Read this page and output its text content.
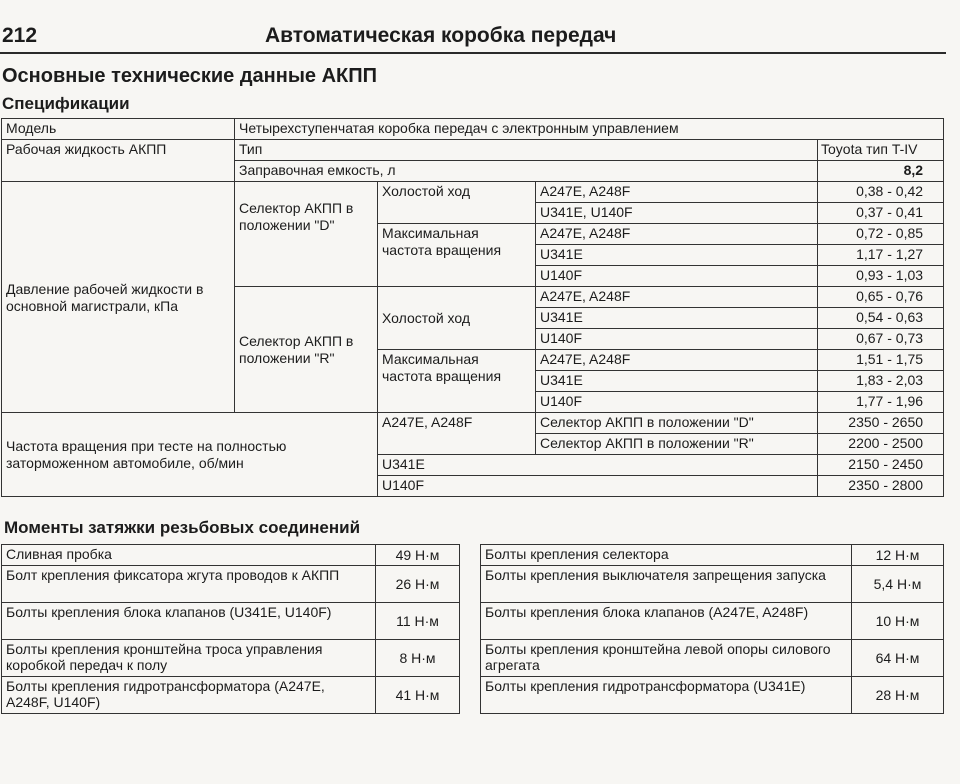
212	Автоматическая коробка передач
Основные технические данные АКПП
Спецификации
Модель	Четырехступенчатая коробка передач с электронным управлением			
Рабочая жидкость АКПП	Тип			Toyota тип T-IV
	Заправочная емкость, л			8,2
Давление рабочей жидкости в основной магистрали, кПа	Селектор АКПП в положении "D"	Холостой ход	A247E, A248F	0,38 - 0,42
			U341E, U140F	0,37 - 0,41
		Максимальная частота вращения	A247E, A248F	0,72 - 0,85
			U341E	1,17 - 1,27
			U140F	0,93 - 1,03
	Селектор АКПП в положении "R"	Холостой ход	A247E, A248F	0,65 - 0,76
			U341E	0,54 - 0,63
			U140F	0,67 - 0,73
		Максимальная частота вращения	A247E, A248F	1,51 - 1,75
			U341E	1,83 - 2,03
			U140F	1,77 - 1,96
Частота вращения при тесте на полностью заторможенном автомобиле, об/мин		A247E, A248F	Селектор АКПП в положении "D"	2350 - 2650
			Селектор АКПП в положении "R"	2200 - 2500
		U341E		2150 - 2450
		U140F		2350 - 2800
Моменты затяжки резьбовых соединений
Сливная пробка	49 Н·м
Болт крепления фиксатора жгута проводов к АКПП	26 Н·м
Болты крепления блока клапанов (U341E, U140F)	11 Н·м
Болты крепления кронштейна троса управления коробкой передач к полу	8 Н·м
Болты крепления гидротрансформатора (A247E, A248F, U140F)	41 Н·м
Болты крепления селектора	12 Н·м
Болты крепления выключателя запрещения запуска	5,4 Н·м
Болты крепления блока клапанов (A247E, A248F)	10 Н·м
Болты крепления кронштейна левой опоры силового агрегата	64 Н·м
Болты крепления гидротрансформатора (U341E)	28 Н·м
